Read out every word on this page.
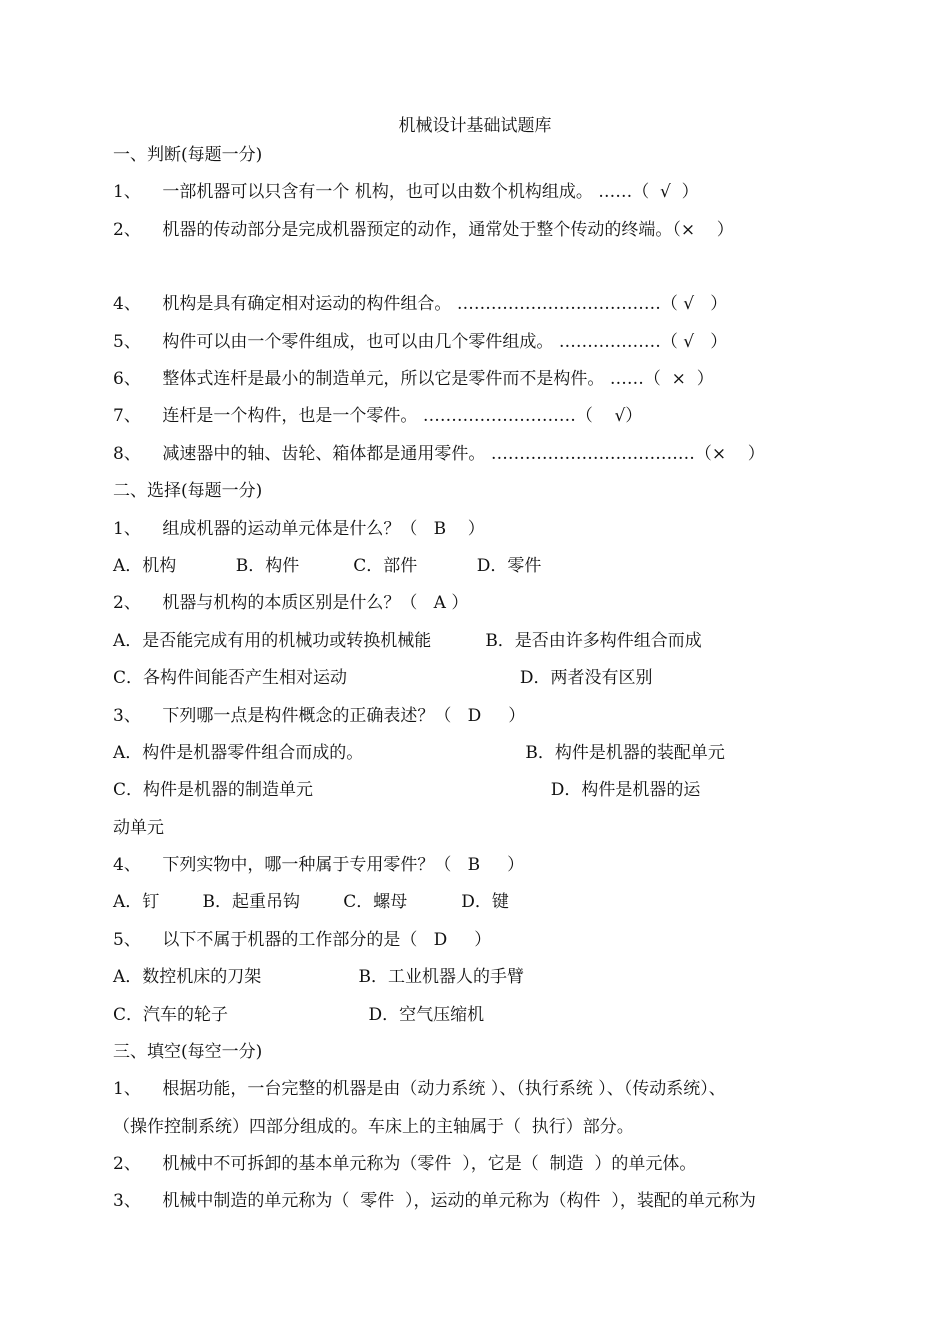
机械设计基础试题库
一、判断(每题一分)
1、    一部机器可以只含有一个 机构，也可以由数个机构组成。 ……（  √  ）
2、    机器的传动部分是完成机器预定的动作，通常处于整个传动的终端。（×    ）
4、    机构是具有确定相对运动的构件组合。 ………………………………（ √   ）
5、    构件可以由一个零件组成，也可以由几个零件组成。 ………………（ √   ）
6、    整体式连杆是最小的制造单元，所以它是零件而不是构件。 ……（  ×  ）
7、    连杆是一个构件，也是一个零件。 ………………………（    √）
8、    减速器中的轴、齿轮、箱体都是通用零件。 ………………………………（×    ）
二、选择(每题一分)
1、    组成机器的运动单元体是什么？（   B    ）
A．机构           B．构件          C．部件           D．零件
2、    机器与机构的本质区别是什么？（   A ）
A．是否能完成有用的机械功或转换机械能          B．是否由许多构件组合而成
C．各构件间能否产生相对运动                                D．两者没有区别
3、    下列哪一点是构件概念的正确表述？（   D     ）
A．构件是机器零件组合而成的。                              B．构件是机器的装配单元
C．构件是机器的制造单元                                            D．构件是机器的运
动单元
4、    下列实物中，哪一种属于专用零件？（   B     ）
A．钉        B．起重吊钩        C．螺母          D．键
5、    以下不属于机器的工作部分的是（   D     ）
A．数控机床的刀架                  B．工业机器人的手臂
C．汽车的轮子                          D．空气压缩机
三、填空(每空一分)
1、    根据功能，一台完整的机器是由（动力系统 ）、（执行系统 ）、（传动系统）、
（操作控制系统）四部分组成的。车床上的主轴属于（  执行）部分。
2、    机械中不可拆卸的基本单元称为（零件  ），它是（  制造  ）的单元体。
3、    机械中制造的单元称为（  零件  ），运动的单元称为（构件  ），装配的单元称为
